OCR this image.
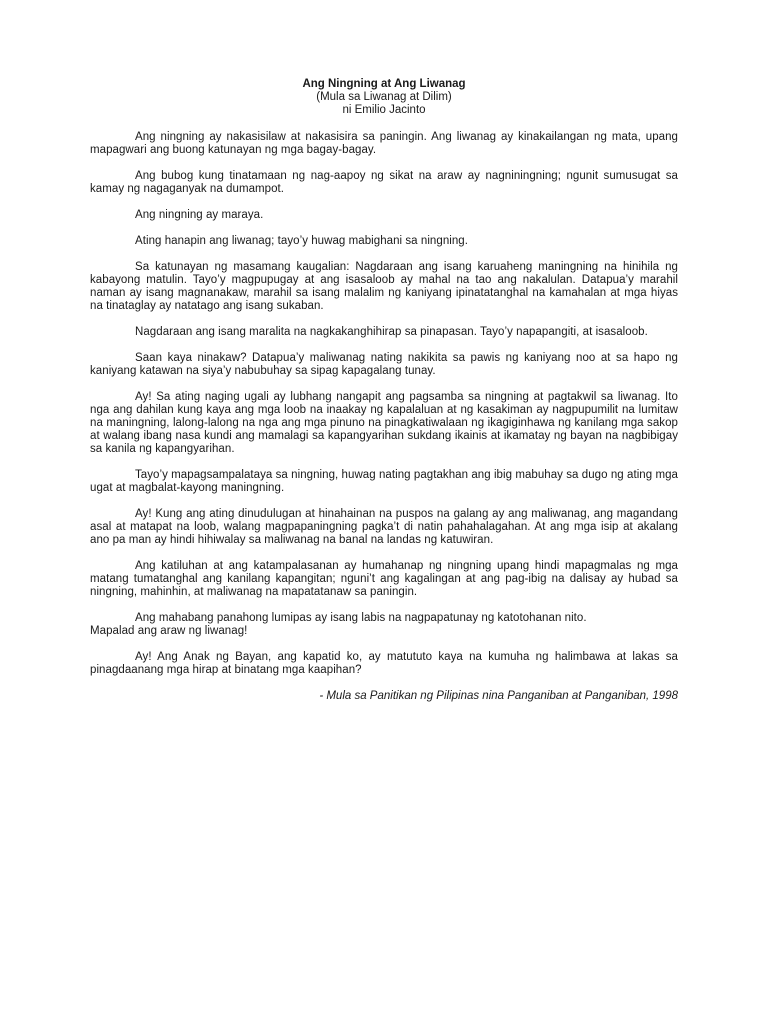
Ang Ningning at Ang Liwanag
(Mula sa Liwanag at Dilim)
ni Emilio Jacinto

Ang ningning ay nakasisilaw at nakasisira sa paningin. Ang liwanag ay kinakailangan ng mata, upang mapagwari ang buong katunayan ng mga bagay-bagay.

Ang bubog kung tinatamaan ng nag-aapoy ng sikat na araw ay nagniningning; ngunit sumusugat sa kamay ng nagaganyak na dumampot.

Ang ningning ay maraya.

Ating hanapin ang liwanag; tayo’y huwag mabighani sa ningning.

Sa katunayan ng masamang kaugalian: Nagdaraan ang isang karuaheng maningning na hinihila ng kabayong matulin. Tayo’y magpupugay at ang isasaloob ay mahal na tao ang nakalulan. Datapua’y marahil naman ay isang magnanakaw, marahil sa isang malalim ng kaniyang ipinatatanghal na kamahalan at mga hiyas na tinataglay ay natatago ang isang sukaban.

Nagdaraan ang isang maralita na nagkakanghihirap sa pinapasan. Tayo’y napapangiti, at isasaloob.

Saan kaya ninakaw? Datapua’y maliwanag nating nakikita sa pawis ng kaniyang noo at sa hapo ng kaniyang katawan na siya’y nabubuhay sa sipag kapagalang tunay.

Ay! Sa ating naging ugali ay lubhang nangapit ang pagsamba sa ningning at pagtakwil sa liwanag. Ito nga ang dahilan kung kaya ang mga loob na inaakay ng kapalaluan at ng kasakiman ay nagpupumilit na lumitaw na maningning, lalong-lalong na nga ang mga pinuno na pinagkatiwalaan ng ikagiginhawa ng kanilang mga sakop at walang ibang nasa kundi ang mamalagi sa kapangyarihan sukdang ikainis at ikamatay ng bayan na nagbibigay sa kanila ng kapangyarihan.

Tayo’y mapagsampalataya sa ningning, huwag nating pagtakhan ang ibig mabuhay sa dugo ng ating mga ugat at magbalat-kayong maningning.

Ay! Kung ang ating dinudulugan at hinahainan na puspos na galang ay ang maliwanag, ang magandang asal at matapat na loob, walang magpapaningning pagka’t di natin pahahalagahan. At ang mga isip at akalang ano pa man ay hindi hihiwalay sa maliwanag na banal na landas ng katuwiran.

Ang katiluhan at ang katampalasanan ay humahanap ng ningning upang hindi mapagmalas ng mga matang tumatanghal ang kanilang kapangitan; nguni’t ang kagalingan at ang pag-ibig na dalisay ay hubad sa ningning, mahinhin, at maliwanag na mapatatanaw sa paningin.

Ang mahabang panahong lumipas ay isang labis na nagpapatunay ng katotohanan nito.
Mapalad ang araw ng liwanag!

Ay! Ang Anak ng Bayan, ang kapatid ko, ay matututo kaya na kumuha ng halimbawa at lakas sa pinagdaanang mga hirap at binatang mga kaapihan?

- Mula sa Panitikan ng Pilipinas nina Panganiban at Panganiban, 1998
